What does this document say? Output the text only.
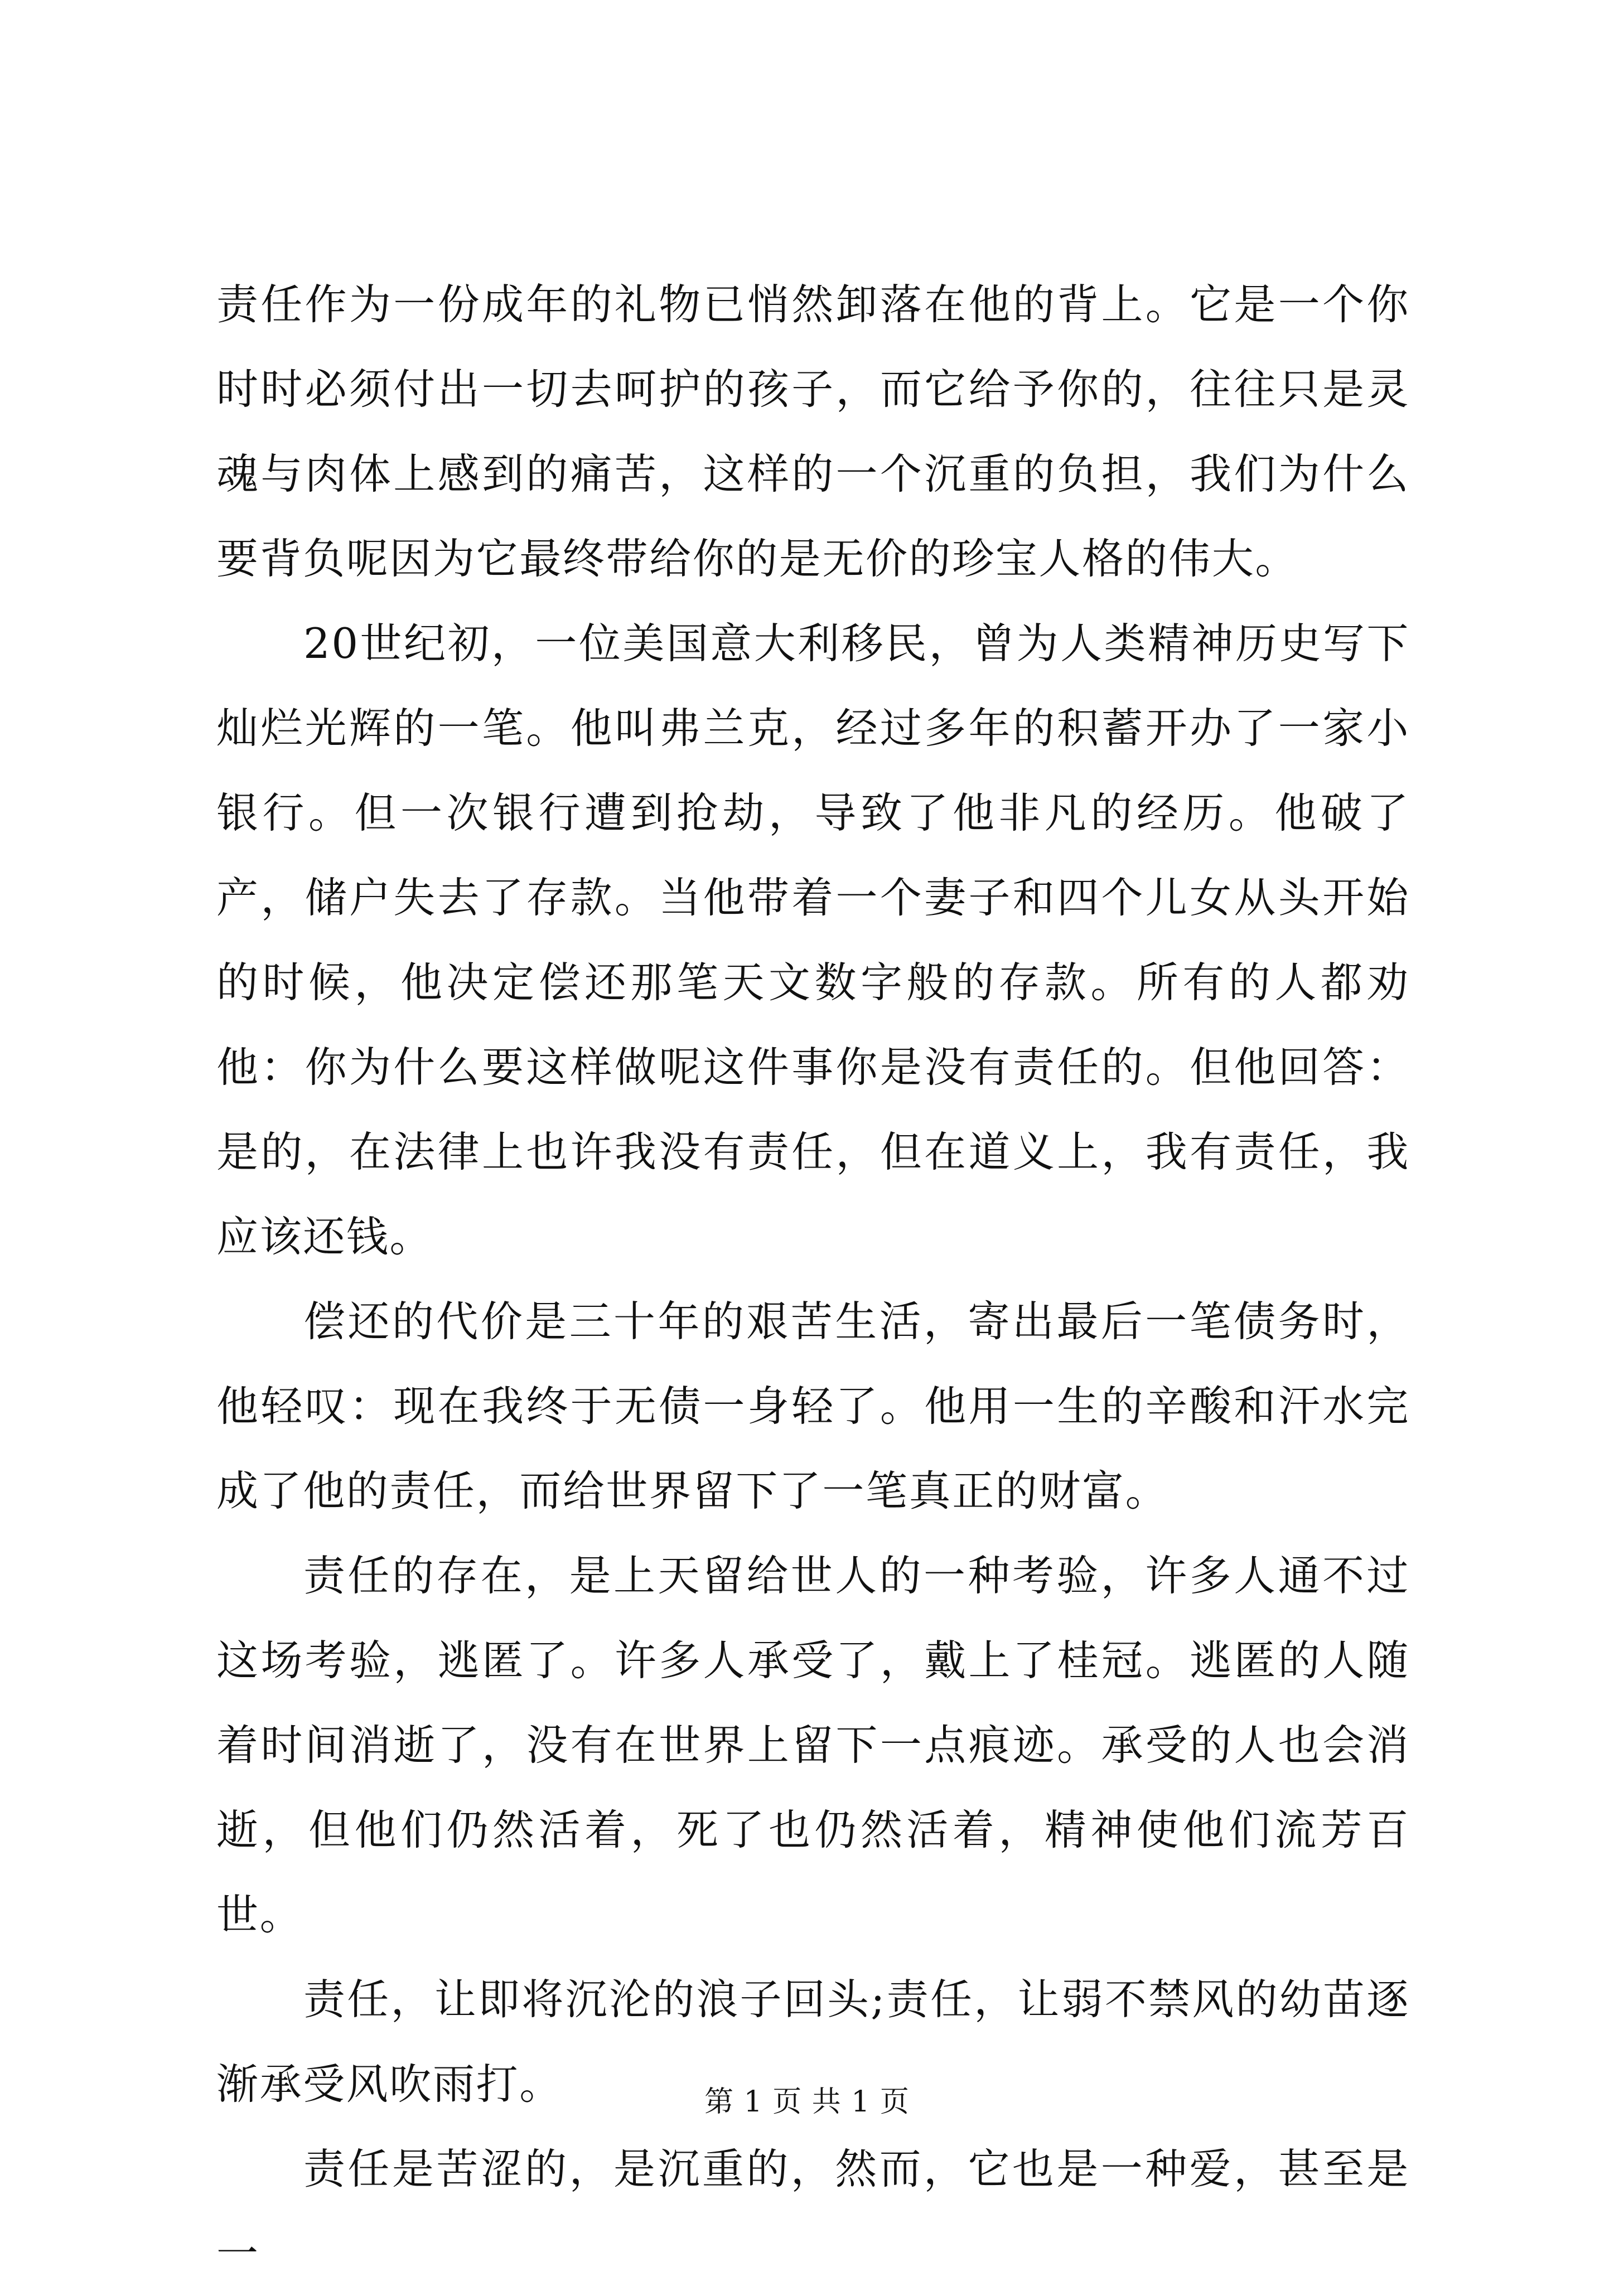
责任作为一份成年的礼物已悄然卸落在他的背上。它是一个你时时必须付出一切去呵护的孩子，而它给予你的，往往只是灵魂与肉体上感到的痛苦，这样的一个沉重的负担，我们为什么要背负呢因为它最终带给你的是无价的珍宝人格的伟大。

20世纪初，一位美国意大利移民，曾为人类精神历史写下灿烂光辉的一笔。他叫弗兰克，经过多年的积蓄开办了一家小银行。但一次银行遭到抢劫，导致了他非凡的经历。他破了产，储户失去了存款。当他带着一个妻子和四个儿女从头开始的时候，他决定偿还那笔天文数字般的存款。所有的人都劝他：你为什么要这样做呢这件事你是没有责任的。但他回答：是的，在法律上也许我没有责任，但在道义上，我有责任，我应该还钱。

偿还的代价是三十年的艰苦生活，寄出最后一笔债务时，他轻叹：现在我终于无债一身轻了。他用一生的辛酸和汗水完成了他的责任，而给世界留下了一笔真正的财富。

责任的存在，是上天留给世人的一种考验，许多人通不过这场考验，逃匿了。许多人承受了，戴上了桂冠。逃匿的人随着时间消逝了，没有在世界上留下一点痕迹。承受的人也会消逝，但他们仍然活着，死了也仍然活着，精神使他们流芳百世。

责任，让即将沉沦的浪子回头;责任，让弱不禁风的幼苗逐渐承受风吹雨打。

责任是苦涩的，是沉重的，然而，它也是一种爱，甚至是一

第 1 页 共 1 页
